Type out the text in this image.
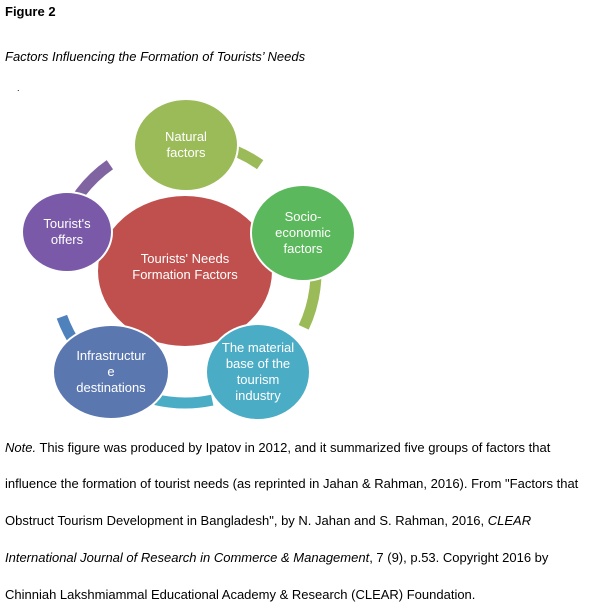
Figure 2
Factors Influencing the Formation of Tourists’ Needs
.
Tourists' Needs Formation Factors
Natural factors
Socio-economic factors
The material base of the tourism industry
Infrastructur e destinations
Tourist's offers

Note. This figure was produced by Ipatov in 2012, and it summarized five groups of factors that

influence the formation of tourist needs (as reprinted in Jahan & Rahman, 2016). From "Factors that

Obstruct Tourism Development in Bangladesh", by N. Jahan and S. Rahman, 2016, CLEAR

International Journal of Research in Commerce & Management, 7 (9), p.53. Copyright 2016 by

Chinniah Lakshmiammal Educational Academy & Research (CLEAR) Foundation.
